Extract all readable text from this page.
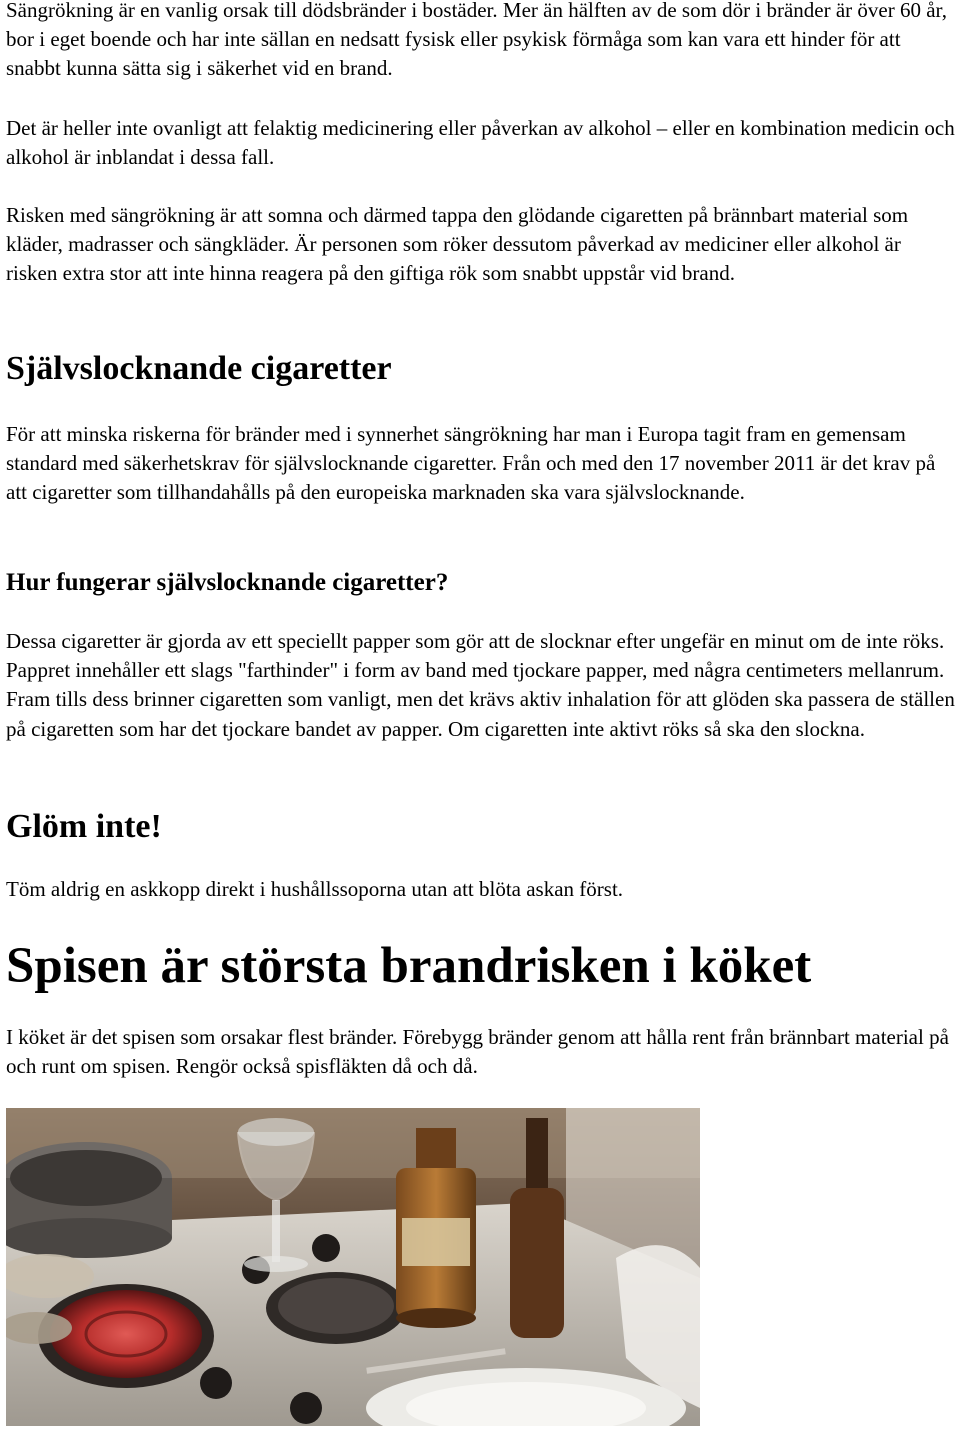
Sängrökning är en vanlig orsak till dödsbränder i bostäder. Mer än hälften av de som dör i bränder är över 60 år, bor i eget boende och har inte sällan en nedsatt fysisk eller psykisk förmåga som kan vara ett hinder för att snabbt kunna sätta sig i säkerhet vid en brand.

Det är heller inte ovanligt att felaktig medicinering eller påverkan av alkohol – eller en kombination medicin och alkohol är inblandat i dessa fall.

Risken med sängrökning är att somna och därmed tappa den glödande cigaretten på brännbart material som kläder, madrasser och sängkläder. Är personen som röker dessutom påverkad av mediciner eller alkohol är risken extra stor att inte hinna reagera på den giftiga rök som snabbt uppstår vid brand.

Självslocknande cigaretter

För att minska riskerna för bränder med i synnerhet sängrökning har man i Europa tagit fram en gemensam standard med säkerhetskrav för självslocknande cigaretter. Från och med den 17 november 2011 är det krav på att cigaretter som tillhandahålls på den europeiska marknaden ska vara självslocknande.

Hur fungerar självslocknande cigaretter?

Dessa cigaretter är gjorda av ett speciellt papper som gör att de slocknar efter ungefär en minut om de inte röks. Pappret innehåller ett slags "farthinder" i form av band med tjockare papper, med några centimeters mellanrum. Fram tills dess brinner cigaretten som vanligt, men det krävs aktiv inhalation för att glöden ska passera de ställen på cigaretten som har det tjockare bandet av papper. Om cigaretten inte aktivt röks så ska den slockna.

Glöm inte!

Töm aldrig en askkopp direkt i hushållssoporna utan att blöta askan först.

Spisen är största brandrisken i köket

I köket är det spisen som orsakar flest bränder. Förebygg bränder genom att hålla rent från brännbart material på och runt om spisen. Rengör också spisfläkten då och då.
